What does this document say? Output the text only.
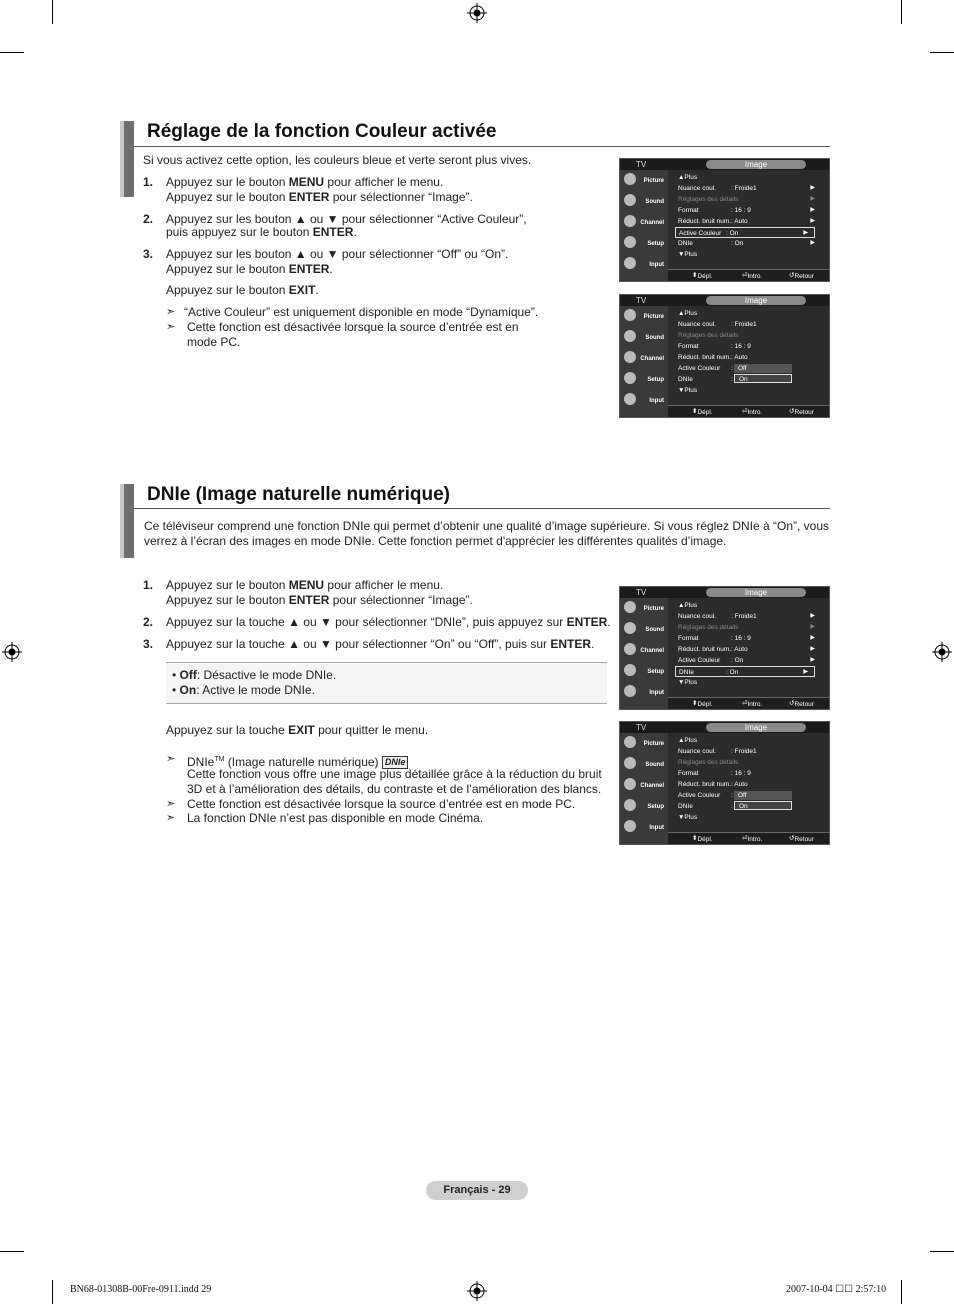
Réglage de la fonction Couleur activée
Si vous activez cette option, les couleurs bleue et verte seront plus vives.
1. Appuyez sur le bouton MENU pour afficher le menu.
Appuyez sur le bouton ENTER pour sélectionner “Image”.
2. Appuyez sur les bouton ▲ ou ▼ pour sélectionner “Active Couleur”,
puis appuyez sur le bouton ENTER.
3. Appuyez sur les bouton ▲ ou ▼ pour sélectionner “Off” ou “On”.
Appuyez sur le bouton ENTER.
Appuyez sur le bouton EXIT.
➣ “Active Couleur” est uniquement disponible en mode “Dynamique”.
➣ Cette fonction est désactivée lorsque la source d’entrée est en
mode PC.
DNIe (Image naturelle numérique)
Ce téléviseur comprend une fonction DNIe qui permet d’obtenir une qualité d’image supérieure. Si vous réglez DNIe à “On”, vous
verrez à l’écran des images en mode DNIe. Cette fonction permet d'apprécier les différentes qualités d’image.
1. Appuyez sur le bouton MENU pour afficher le menu.
Appuyez sur le bouton ENTER pour sélectionner “Image”.
2. Appuyez sur la touche ▲ ou ▼ pour sélectionner “DNIe”, puis appuyez sur ENTER.
3. Appuyez sur la touche ▲ ou ▼ pour sélectionner “On” ou “Off”, puis sur ENTER.
• Off: Désactive le mode DNIe.
• On: Active le mode DNIe.
Appuyez sur la touche EXIT pour quitter le menu.
➣ DNIe™ (Image naturelle numérique) DNIe
Cette fonction vous offre une image plus détaillée grâce à la réduction du bruit
3D et à l’amélioration des détails, du contraste et de l’amélioration des blancs.
➣ Cette fonction est désactivée lorsque la source d’entrée est en mode PC.
➣ La fonction DNIe n’est pas disponible en mode Cinéma.
TV	Image
Picture
Sound
Channel
Setup
Input
▲Plus
Nuance coul. : Froide1	▶
Réglages des détails	▶
Format	: 16 : 9	▶
Réduct. bruit num. : Auto	▶
Active Couleur : On	▶
DNIe	: On	▶
▼Plus
⬍ Dépl.	⏎ Intro.	↺ Retour
TV	Image
Picture
Sound
Channel
Setup
Input
▲Plus
Nuance coul. : Froide1
Réglages des détails
Format	: 16 : 9
Réduct. bruit num. : Auto
Active Couleur :
DNIe	:
▼Plus
Off
On
⬍ Dépl.	⏎ Intro.	↺ Retour
TV	Image
Picture
Sound
Channel
Setup
Input
▲Plus
Nuance coul. : Froide1	▶
Réglages des détails	▶
Format	: 16 : 9	▶
Réduct. bruit num. : Auto	▶
Active Couleur : On	▶
DNIe	: On	▶
▼Plus
⬍ Dépl.	⏎ Intro.	↺ Retour
TV	Image
Picture
Sound
Channel
Setup
Input
▲Plus
Nuance coul. : Froide1
Réglages des détails
Format	: 16 : 9
Réduct. bruit num. : Auto
Active Couleur :
DNIe	:
▼Plus
Off
On
⬍ Dépl.	⏎ Intro.	↺ Retour
Français - 29
BN68-01308B-00Fre-0911.indd 29	2007-10-04 ☐☐ 2:57:10
